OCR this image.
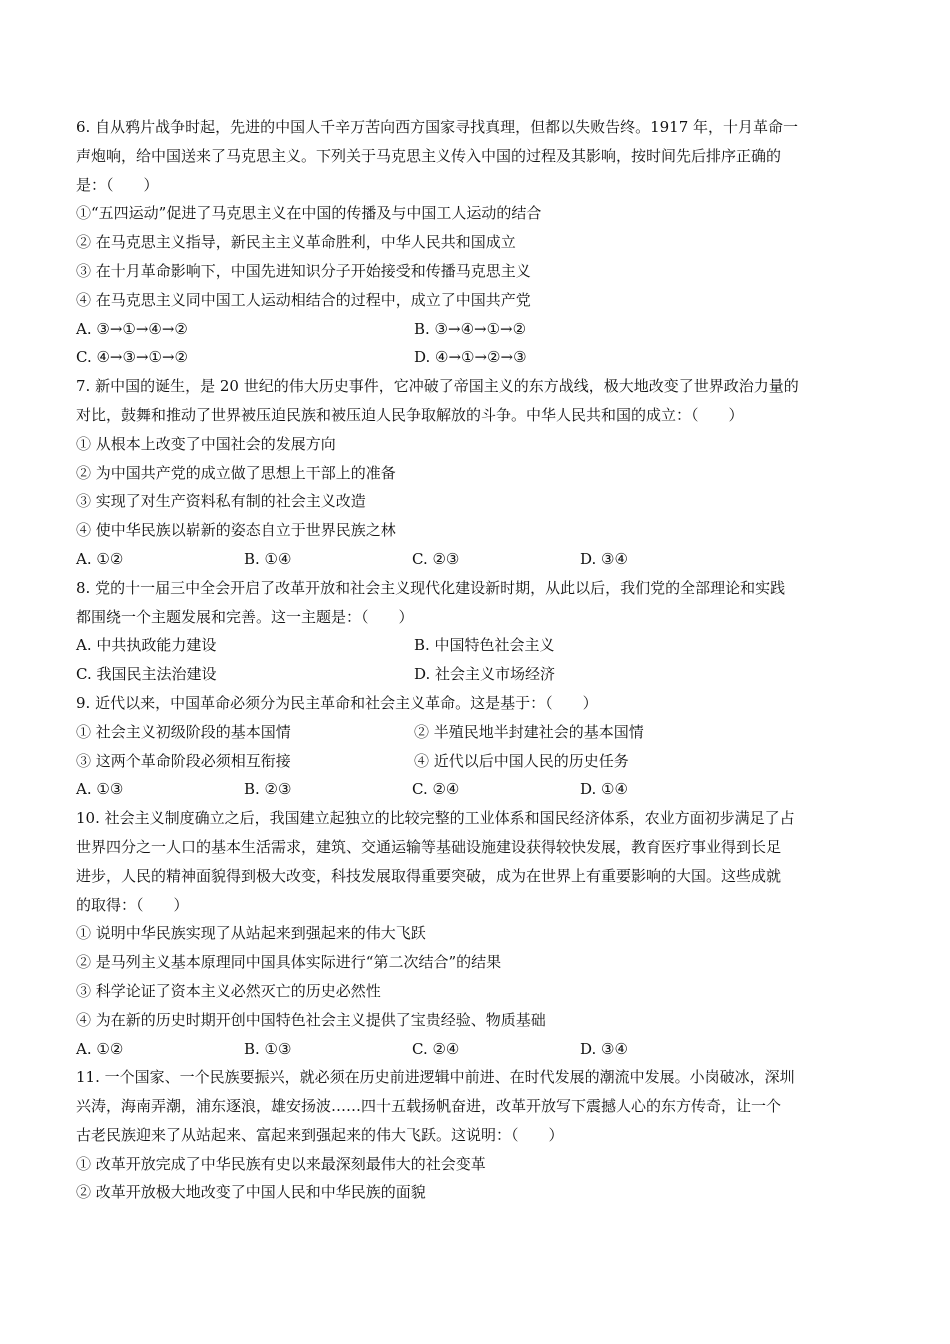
6. 自从鸦片战争时起，先进的中国人千辛万苦向西方国家寻找真理，但都以失败告终。1917 年，十月革命一
声炮响，给中国送来了马克思主义。下列关于马克思主义传入中国的过程及其影响，按时间先后排序正确的
是：（　　）
①“五四运动”促进了马克思主义在中国的传播及与中国工人运动的结合
② 在马克思主义指导，新民主主义革命胜利，中华人民共和国成立
③ 在十月革命影响下，中国先进知识分子开始接受和传播马克思主义
④ 在马克思主义同中国工人运动相结合的过程中，成立了中国共产党
A. ③→①→④→②	B. ③→④→①→②
C. ④→③→①→②	D. ④→①→②→③
7. 新中国的诞生，是 20 世纪的伟大历史事件，它冲破了帝国主义的东方战线，极大地改变了世界政治力量的
对比，鼓舞和推动了世界被压迫民族和被压迫人民争取解放的斗争。中华人民共和国的成立：（　　）
① 从根本上改变了中国社会的发展方向
② 为中国共产党的成立做了思想上干部上的准备
③ 实现了对生产资料私有制的社会主义改造
④ 使中华民族以崭新的姿态自立于世界民族之林
A. ①②	B. ①④	C. ②③	D. ③④
8. 党的十一届三中全会开启了改革开放和社会主义现代化建设新时期，从此以后，我们党的全部理论和实践
都围绕一个主题发展和完善。这一主题是：（　　）
A. 中共执政能力建设	B. 中国特色社会主义
C. 我国民主法治建设	D. 社会主义市场经济
9. 近代以来，中国革命必须分为民主革命和社会主义革命。这是基于：（　　）
① 社会主义初级阶段的基本国情	② 半殖民地半封建社会的基本国情
③ 这两个革命阶段必须相互衔接	④ 近代以后中国人民的历史任务
A. ①③	B. ②③	C. ②④	D. ①④
10. 社会主义制度确立之后，我国建立起独立的比较完整的工业体系和国民经济体系，农业方面初步满足了占
世界四分之一人口的基本生活需求，建筑、交通运输等基础设施建设获得较快发展，教育医疗事业得到长足
进步，人民的精神面貌得到极大改变，科技发展取得重要突破，成为在世界上有重要影响的大国。这些成就
的取得：（　　）
① 说明中华民族实现了从站起来到强起来的伟大飞跃
② 是马列主义基本原理同中国具体实际进行“第二次结合”的结果
③ 科学论证了资本主义必然灭亡的历史必然性
④ 为在新的历史时期开创中国特色社会主义提供了宝贵经验、物质基础
A. ①②	B. ①③	C. ②④	D. ③④
11. 一个国家、一个民族要振兴，就必须在历史前进逻辑中前进、在时代发展的潮流中发展。小岗破冰，深圳
兴涛，海南弄潮，浦东逐浪，雄安扬波……四十五载扬帆奋进，改革开放写下震撼人心的东方传奇，让一个
古老民族迎来了从站起来、富起来到强起来的伟大飞跃。这说明：（　　）
① 改革开放完成了中华民族有史以来最深刻最伟大的社会变革
② 改革开放极大地改变了中国人民和中华民族的面貌
